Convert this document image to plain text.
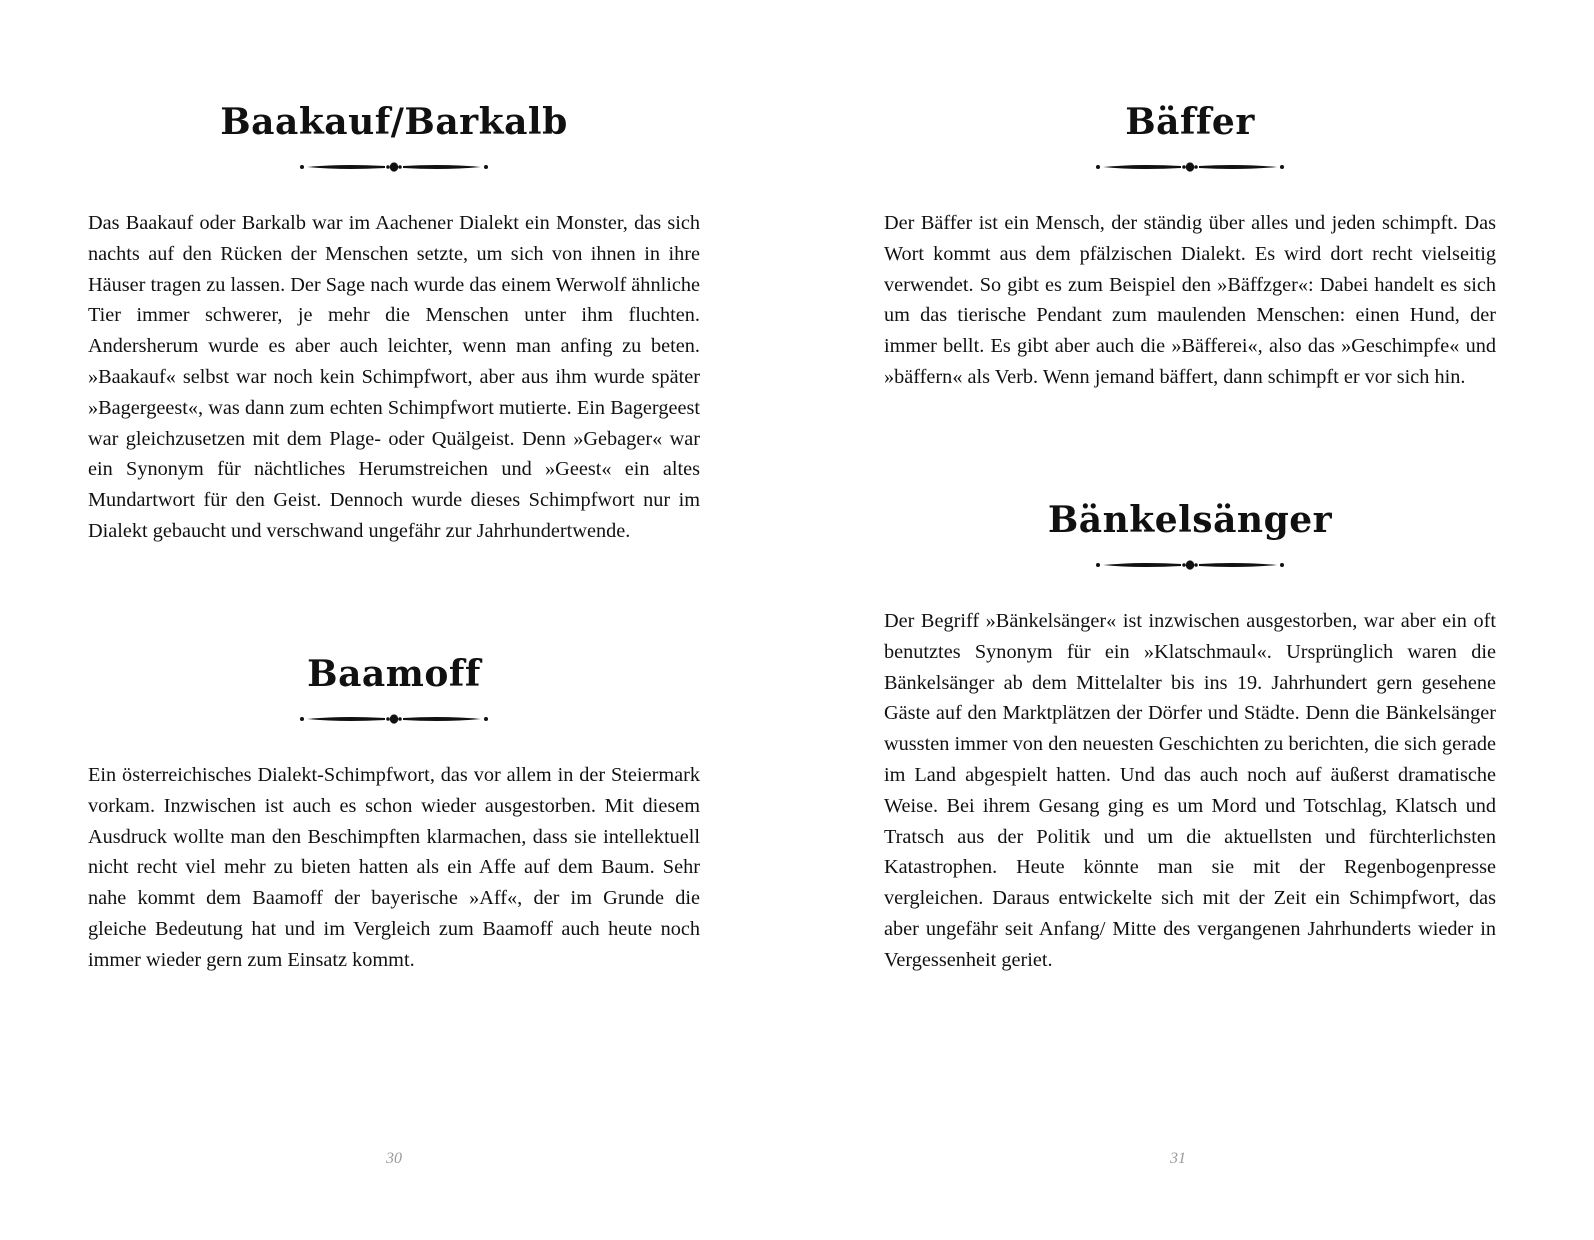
Baakauf/Barkalb

Das Baakauf oder Barkalb war im Aachener Dialekt ein Monster, das sich nachts auf den Rücken der Menschen setzte, um sich von ihnen in ihre Häuser tragen zu lassen. Der Sage nach wurde das einem Werwolf ähnliche Tier immer schwerer, je mehr die Menschen unter ihm fluchten. Andersherum wurde es aber auch leichter, wenn man anfing zu beten. »Baakauf« selbst war noch kein Schimpfwort, aber aus ihm wurde später »Bagergeest«, was dann zum echten Schimpfwort mutierte. Ein Bagergeest war gleichzusetzen mit dem Plage- oder Quälgeist. Denn »Gebager« war ein Synonym für nächtliches Herumstreichen und »Geest« ein altes Mundartwort für den Geist. Dennoch wurde dieses Schimpfwort nur im Dialekt gebaucht und verschwand ungefähr zur Jahrhundertwende.

Baamoff

Ein österreichisches Dialekt-Schimpfwort, das vor allem in der Steiermark vorkam. Inzwischen ist auch es schon wieder ausgestorben. Mit diesem Ausdruck wollte man den Beschimpften klarmachen, dass sie intellektuell nicht recht viel mehr zu bieten hatten als ein Affe auf dem Baum. Sehr nahe kommt dem Baamoff der bayerische »Aff«, der im Grunde die gleiche Bedeutung hat und im Vergleich zum Baamoff auch heute noch immer wieder gern zum Einsatz kommt.

30
Bäffer

Der Bäffer ist ein Mensch, der ständig über alles und jeden schimpft. Das Wort kommt aus dem pfälzischen Dialekt. Es wird dort recht vielseitig verwendet. So gibt es zum Beispiel den »Bäffzger«: Dabei handelt es sich um das tierische Pendant zum maulenden Menschen: einen Hund, der immer bellt. Es gibt aber auch die »Bäfferei«, also das »Geschimpfe« und »bäffern« als Verb. Wenn jemand bäffert, dann schimpft er vor sich hin.

Bänkelsänger

Der Begriff »Bänkelsänger« ist inzwischen ausgestorben, war aber ein oft benutztes Synonym für ein »Klatschmaul«. Ursprünglich waren die Bänkelsänger ab dem Mittelalter bis ins 19. Jahrhundert gern gesehene Gäste auf den Marktplätzen der Dörfer und Städte. Denn die Bänkelsänger wussten immer von den neuesten Geschichten zu berichten, die sich gerade im Land abgespielt hatten. Und das auch noch auf äußerst dramatische Weise. Bei ihrem Gesang ging es um Mord und Totschlag, Klatsch und Tratsch aus der Politik und um die aktuellsten und fürchterlichsten Katastrophen. Heute könnte man sie mit der Regenbogenpresse vergleichen. Daraus entwickelte sich mit der Zeit ein Schimpfwort, das aber ungefähr seit Anfang/ Mitte des vergangenen Jahrhunderts wieder in Vergessenheit geriet.

31
